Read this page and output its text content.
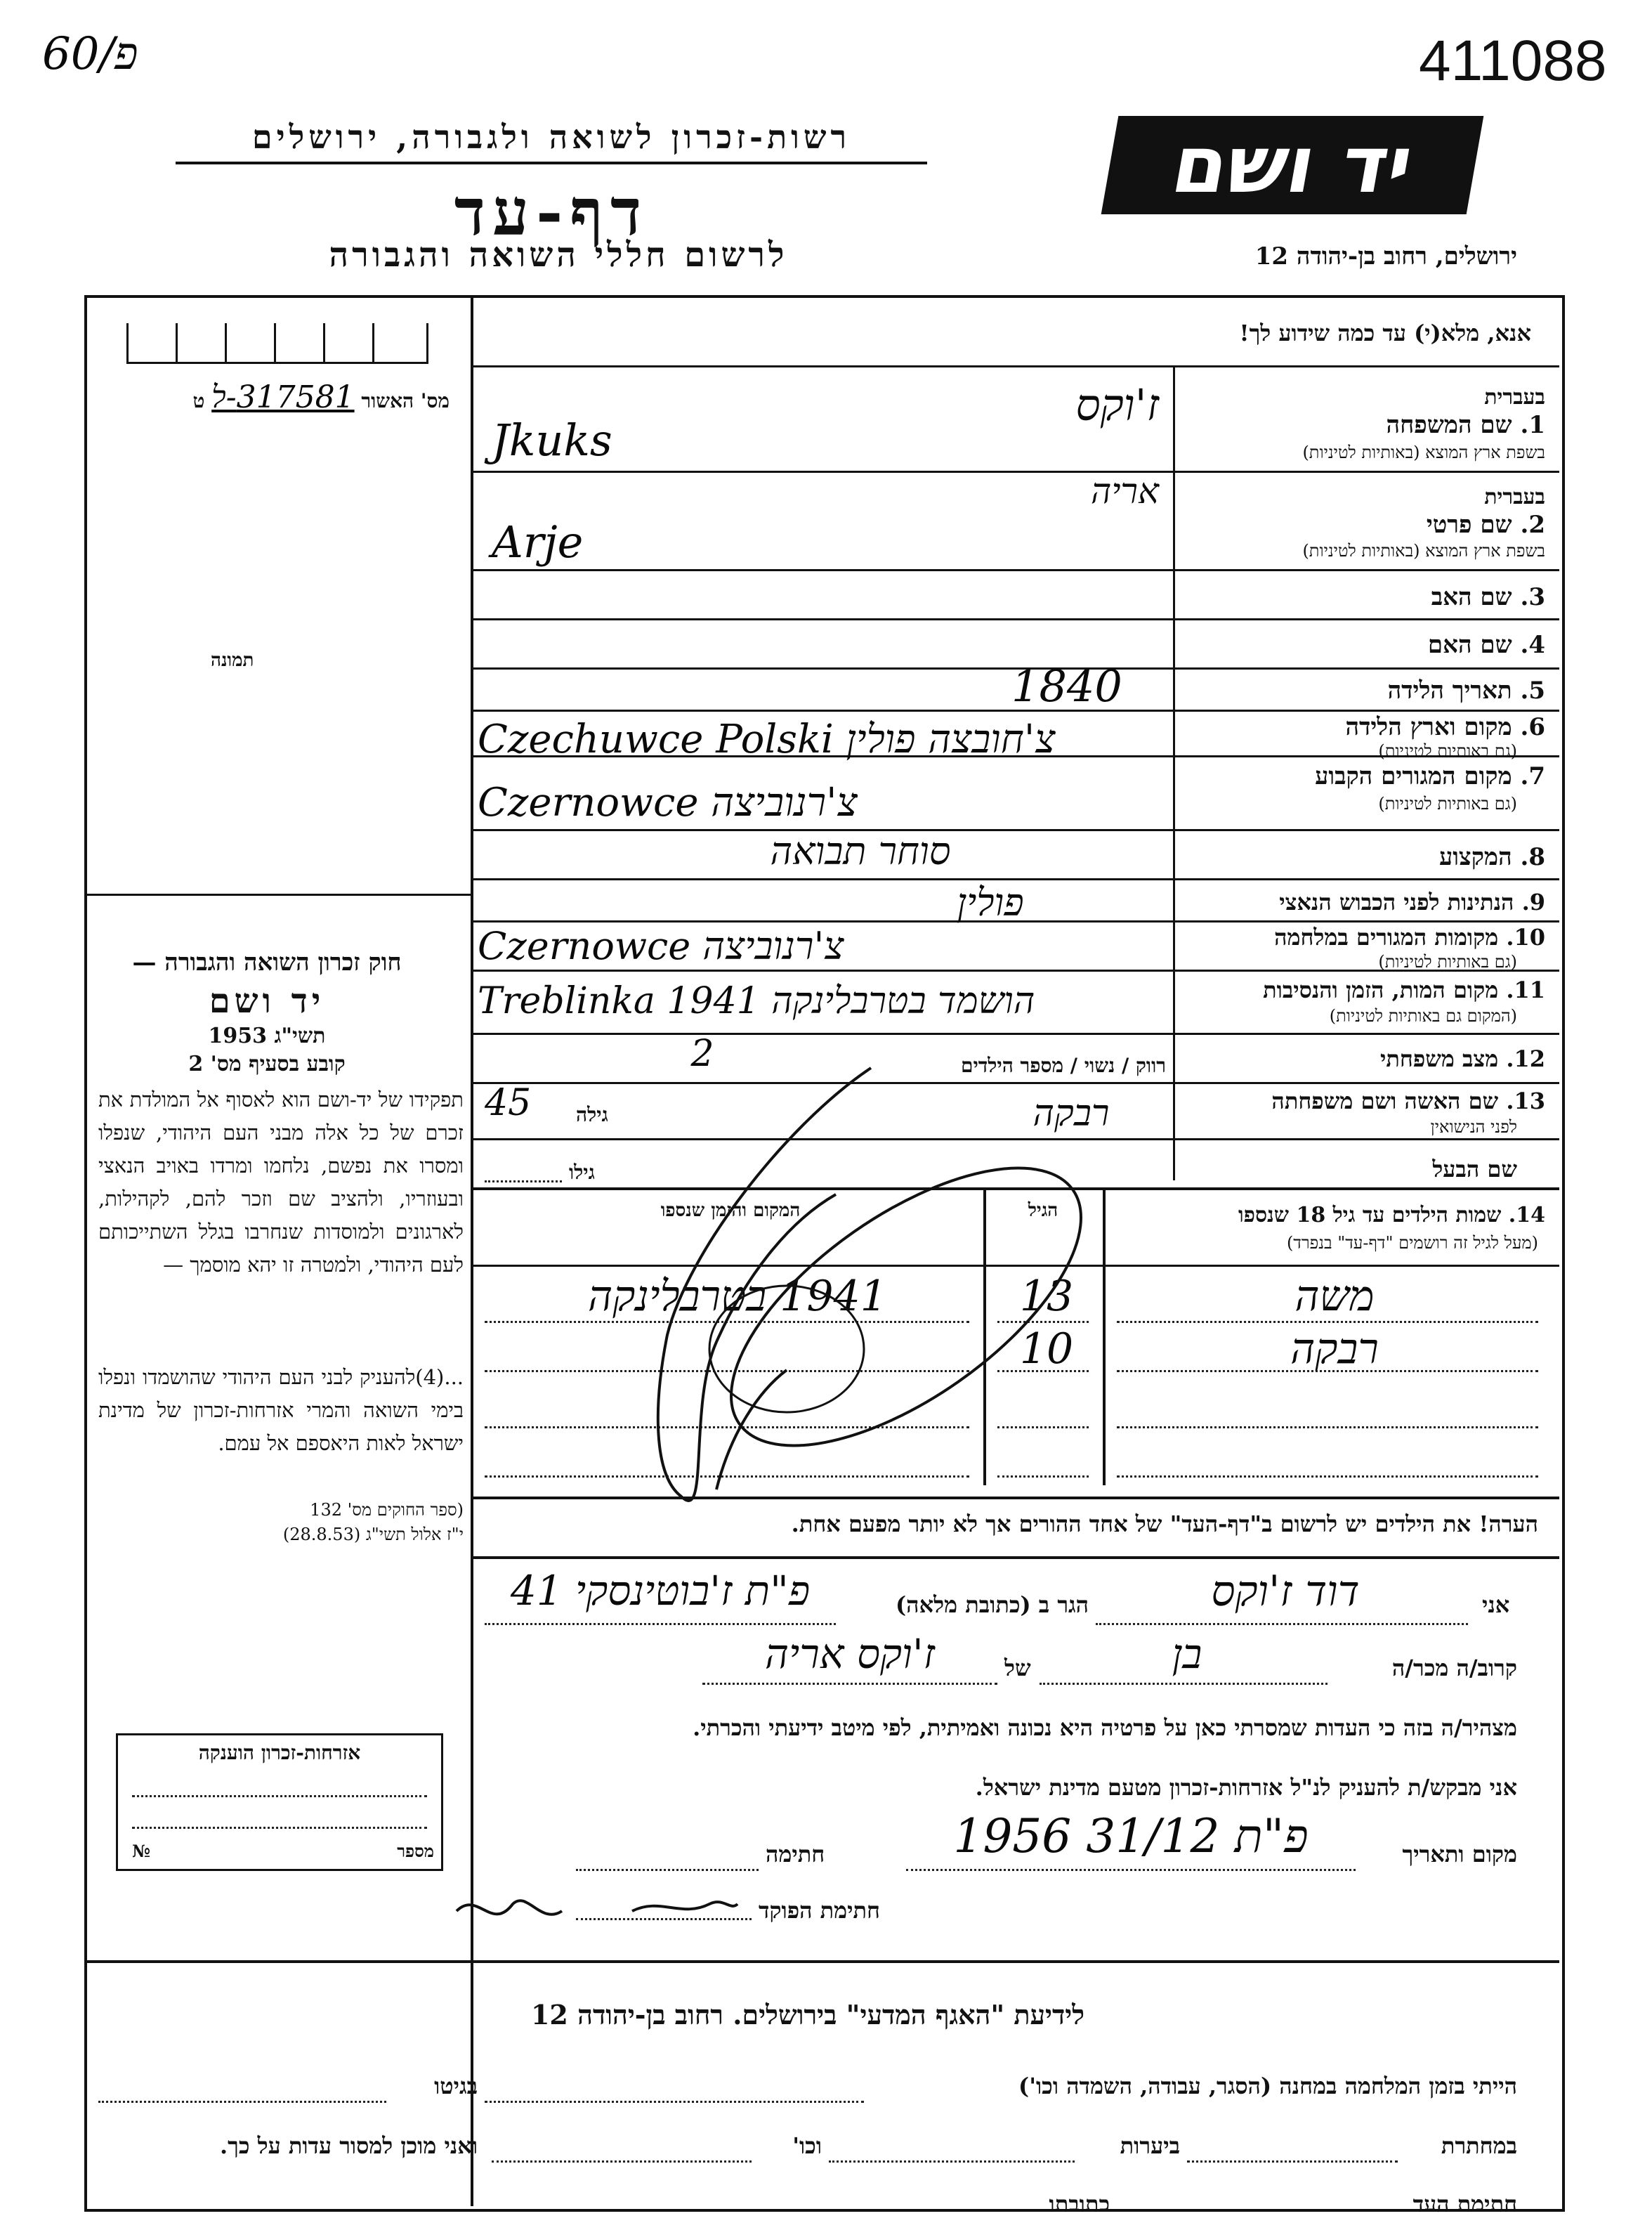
411088
60/פ
יד ושם
רשות-זכרון לשואה ולגבורה, ירושלים
דף-עד
לרשום חללי השואה והגבורה	ירושלים, רחוב בן-יהודה 12
אנא, מלא(י) עד כמה שידוע לך!
מס' האשור 317581-ל ט
תמונה
בעברית
1. שם המשפחה
בשפת ארץ המוצא (באותיות לטיניות)
ז'וקס
Jkuks
בעברית
2. שם פרטי
בשפת ארץ המוצא (באותיות לטיניות)
אריה
Arje
3. שם האב
4. שם האם
5. תאריך הלידה
1840
6. מקום וארץ הלידה
(גם באותיות לטיניות)
Czechuwce Polski צ'חובצה פולין
7. מקום המגורים הקבוע
(גם באותיות לטיניות)
Czernowce צ'רנוביצה
8. המקצוע
סוחר תבואה
9. הנתינות לפני הכבוש הנאצי
פולין
10. מקומות המגורים במלחמה
(גם באותיות לטיניות)
Czernowce צ'רנוביצה
11. מקום המות, הזמן והנסיבות
(המקום גם באותיות לטיניות)
Treblinka 1941 הושמד בטרבלינקה
12. מצב משפחתי
רווק / נשוי / מספר הילדים
2
13. שם האשה ושם משפחתה
לפני הנישואין
רבקה
גילה
45
שם הבעל
גילו
14. שמות הילדים עד גיל 18 שנספו
(מעל לגיל זה רושמים "דף-עד" בנפרד)
הגיל
המקום והזמן שנספו
משה
13
1941 בטרבלינקה
רבקה
10
הערה! את הילדים יש לרשום ב"דף-העד" של אחד ההורים אך לא יותר מפעם אחת.
חוק זכרון השואה והגבורה —
יד ושם
תשי"ג 1953
קובע בסעיף מס' 2
תפקידו של יד-ושם הוא לאסוף אל המולדת את זכרם של כל אלה מבני העם היהודי, שנפלו ומסרו את נפשם, נלחמו ומרדו באויב הנאצי ובעוזריו, ולהציב שם וזכר להם, לקהילות, לארגונים ולמוסדות שנחרבו בגלל השתייכותם לעם היהודי, ולמטרה זו יהא מוסמך —
...(4)להעניק לבני העם היהודי שהושמדו ונפלו בימי השואה והמרי אזרחות-זכרון של מדינת ישראל לאות היאספם אל עמם.
(ספר החוקים מס' 132
י"ז אלול תשי"ג (28.8.53)
אזרחות-זכרון הוענקה
מספר
№
אני
דוד ז'וקס
הגר ב (כתובת מלאה)
פ"ת ז'בוטינסקי 41
קרוב/ה מכר/ה
בן
של
ז'וקס אריה
מצהיר/ה בזה כי העדות שמסרתי כאן על פרטיה היא נכונה ואמיתית, לפי מיטב ידיעתי והכרתי.
אני מבקש/ת להעניק לנ"ל אזרחות-זכרון מטעם מדינת ישראל.
מקום ותאריך
פ"ת 31/12 1956
חתימה
חתימת הפוקד
לידיעת "האגף המדעי" בירושלים. רחוב בן-יהודה 12
הייתי בזמן המלחמה במחנה (הסגר, עבודה, השמדה וכו')
בגיטו
במחתרת
ביערות
וכו'
ואני מוכן למסור עדות על כך.
חתימת העד
כתובתו
